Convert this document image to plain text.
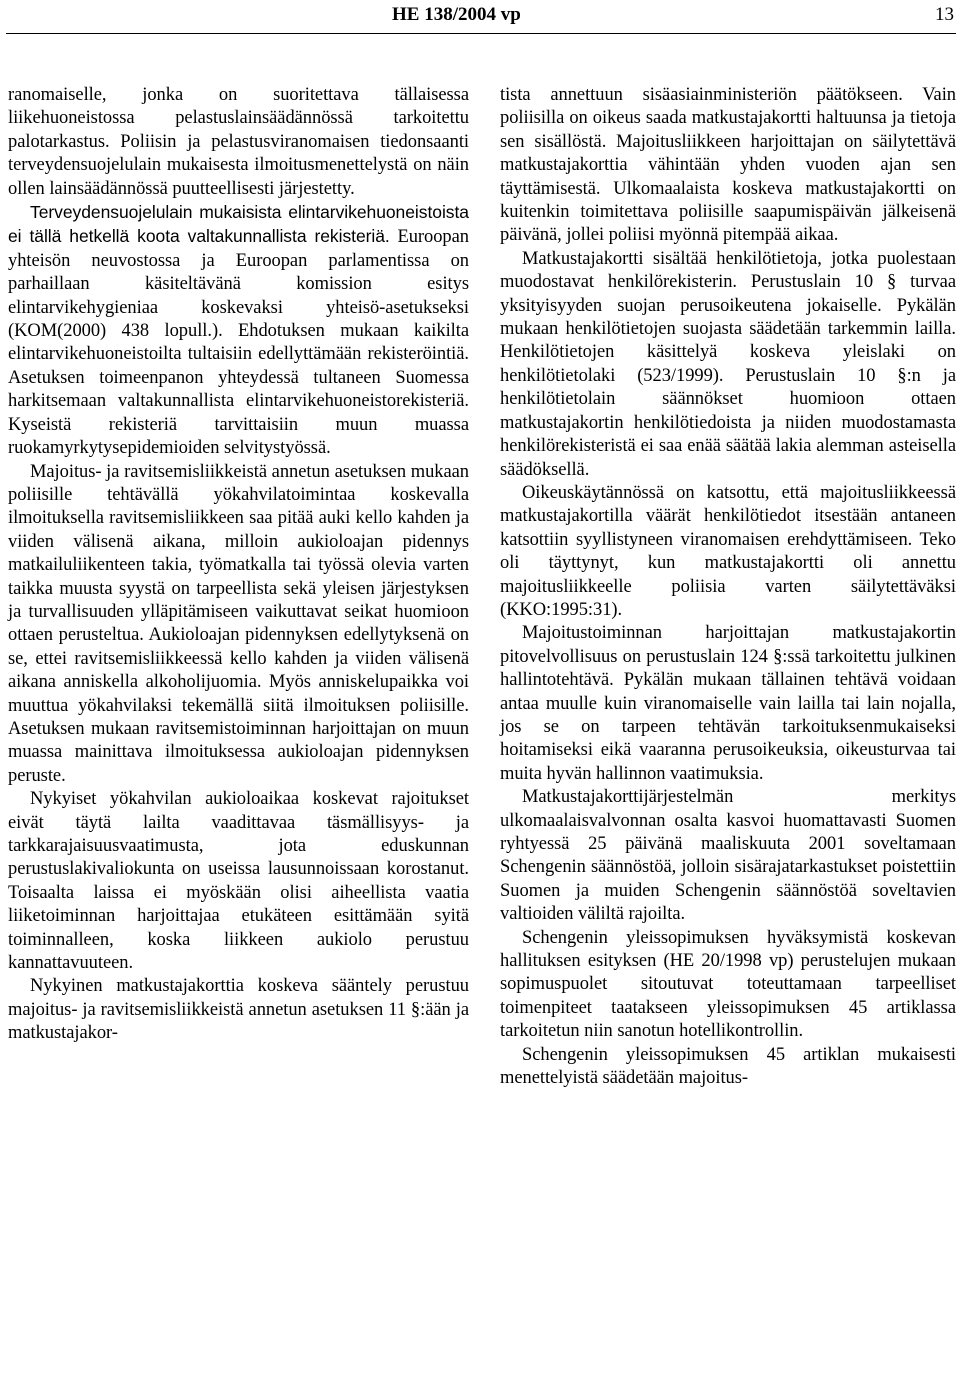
HE 138/2004 vp	13

ranomaiselle, jonka on suoritettava tällaisessa liikehuoneistossa pelastuslainsäädännössä tarkoitettu palotarkastus. Poliisin ja pelastusviranomaisen tiedonsaanti terveydensuojelulain mukaisesta ilmoitusmenettelystä on näin ollen lainsäädännössä puutteellisesti järjestetty.

Terveydensuojelulain mukaisista elintarvikehuoneistoista ei tällä hetkellä koota valtakunnallista rekisteriä. Euroopan yhteisön neuvostossa ja Euroopan parlamentissa on parhaillaan käsiteltävänä komission esitys elintarvikehygieniaa koskevaksi yhteisö-asetukseksi (KOM(2000) 438 lopull.). Ehdotuksen mukaan kaikilta elintarvikehuoneistoilta tultaisiin edellyttämään rekisteröintiä. Asetuksen toimeenpanon yhteydessä tultaneen Suomessa harkitsemaan valtakunnallista elintarvikehuoneistorekisteriä. Kyseistä rekisteriä tarvittaisiin muun muassa ruokamyrkytysepidemioiden selvitystyössä.

Majoitus- ja ravitsemisliikkeistä annetun asetuksen mukaan poliisille tehtävällä yökahvilatoimintaa koskevalla ilmoituksella ravitsemisliikkeen saa pitää auki kello kahden ja viiden välisenä aikana, milloin aukioloajan pidennys matkailuliikenteen takia, työmatkalla tai työssä olevia varten taikka muusta syystä on tarpeellista sekä yleisen järjestyksen ja turvallisuuden ylläpitämiseen vaikuttavat seikat huomioon ottaen perusteltua. Aukioloajan pidennyksen edellytyksenä on se, ettei ravitsemisliikkeessä kello kahden ja viiden välisenä aikana anniskella alkoholijuomia. Myös anniskelupaikka voi muuttua yökahvilaksi tekemällä siitä ilmoituksen poliisille. Asetuksen mukaan ravitsemistoiminnan harjoittajan on muun muassa mainittava ilmoituksessa aukioloajan pidennyksen peruste.

Nykyiset yökahvilan aukioloaikaa koskevat rajoitukset eivät täytä lailta vaadittavaa täsmällisyys- ja tarkkarajaisuusvaatimusta, jota eduskunnan perustuslakivaliokunta on useissa lausunnoissaan korostanut. Toisaalta laissa ei myöskään olisi aiheellista vaatia liiketoiminnan harjoittajaa etukäteen esittämään syitä toiminnalleen, koska liikkeen aukiolo perustuu kannattavuuteen.

Nykyinen matkustajakorttia koskeva sääntely perustuu majoitus- ja ravitsemisliikkeistä annetun asetuksen 11 §:ään ja matkustajakor-

tista annettuun sisäasiainministeriön päätökseen. Vain poliisilla on oikeus saada matkustajakortti haltuunsa ja tietoja sen sisällöstä. Majoitusliikkeen harjoittajan on säilytettävä matkustajakorttia vähintään yhden vuoden ajan sen täyttämisestä. Ulkomaalaista koskeva matkustajakortti on kuitenkin toimitettava poliisille saapumispäivän jälkeisenä päivänä, jollei poliisi myönnä pitempää aikaa.

Matkustajakortti sisältää henkilötietoja, jotka puolestaan muodostavat henkilörekisterin. Perustuslain 10 § turvaa yksityisyyden suojan perusoikeutena jokaiselle. Pykälän mukaan henkilötietojen suojasta säädetään tarkemmin lailla. Henkilötietojen käsittelyä koskeva yleislaki on henkilötietolaki (523/1999). Perustuslain 10 §:n ja henkilötietolain säännökset huomioon ottaen matkustajakortin henkilötiedoista ja niiden muodostamasta henkilörekisteristä ei saa enää säätää lakia alemman asteisella säädöksellä.

Oikeuskäytännössä on katsottu, että majoitusliikkeessä matkustajakortilla väärät henkilötiedot itsestään antaneen katsottiin syyllistyneen viranomaisen erehdyttämiseen. Teko oli täyttynyt, kun matkustajakortti oli annettu majoitusliikkeelle poliisia varten säilytettäväksi (KKO:1995:31).

Majoitustoiminnan harjoittajan matkustajakortin pitovelvollisuus on perustuslain 124 §:ssä tarkoitettu julkinen hallintotehtävä. Pykälän mukaan tällainen tehtävä voidaan antaa muulle kuin viranomaiselle vain lailla tai lain nojalla, jos se on tarpeen tehtävän tarkoituksenmukaiseksi hoitamiseksi eikä vaaranna perusoikeuksia, oikeusturvaa tai muita hyvän hallinnon vaatimuksia.

Matkustajakorttijärjestelmän merkitys ulkomaalaisvalvonnan osalta kasvoi huomattavasti Suomen ryhtyessä 25 päivänä maaliskuuta 2001 soveltamaan Schengenin säännöstöä, jolloin sisärajatarkastukset poistettiin Suomen ja muiden Schengenin säännöstöä soveltavien valtioiden väliltä rajoilta.

Schengenin yleissopimuksen hyväksymistä koskevan hallituksen esityksen (HE 20/1998 vp) perustelujen mukaan sopimuspuolet sitoutuvat toteuttamaan tarpeelliset toimenpiteet taatakseen yleissopimuksen 45 artiklassa tarkoitetun niin sanotun hotellikontrollin.

Schengenin yleissopimuksen 45 artiklan mukaisesti menettelyistä säädetään majoitus-
